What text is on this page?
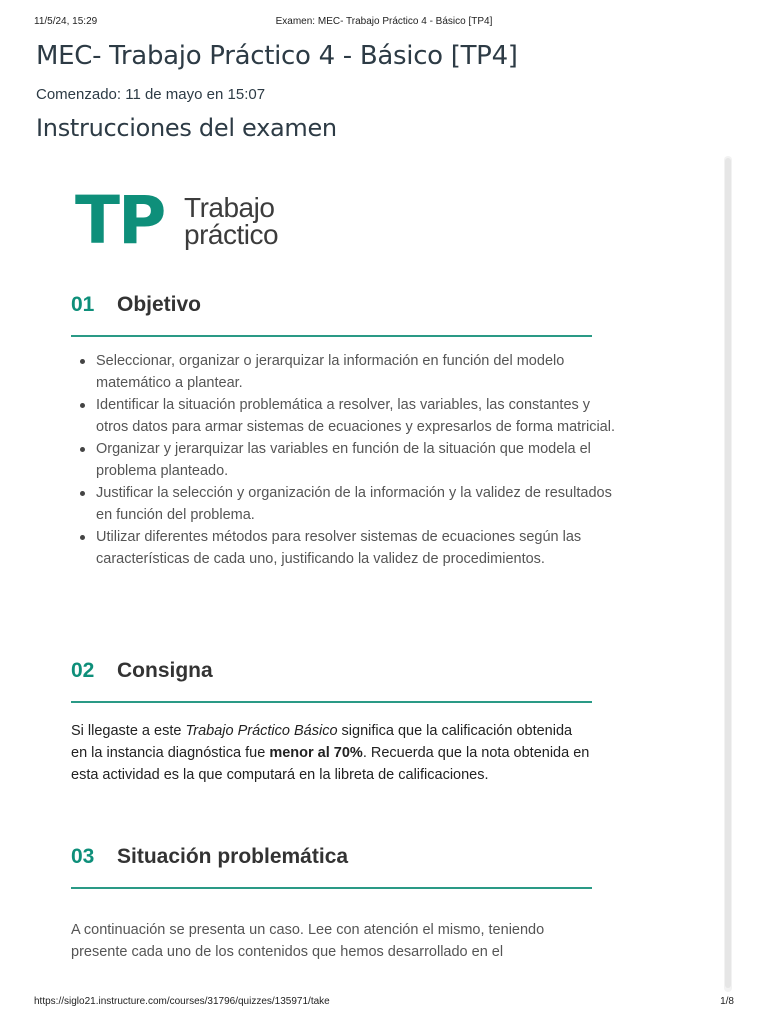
11/5/24, 15:29	Examen: MEC- Trabajo Práctico 4 - Básico [TP4]
MEC- Trabajo Práctico 4 - Básico [TP4]
Comenzado: 11 de mayo en 15:07
Instrucciones del examen
TP Trabajo
práctico
01 Objetivo
Seleccionar, organizar o jerarquizar la información en función del modelo matemático a plantear.
Identificar la situación problemática a resolver, las variables, las constantes y otros datos para armar sistemas de ecuaciones y expresarlos de forma matricial.
Organizar y jerarquizar las variables en función de la situación que modela el problema planteado.
Justificar la selección y organización de la información y la validez de resultados en función del problema.
Utilizar diferentes métodos para resolver sistemas de ecuaciones según las características de cada uno, justificando la validez de procedimientos.
02 Consigna

Si llegaste a este Trabajo Práctico Básico significa que la calificación obtenida en la instancia diagnóstica fue menor al 70%. Recuerda que la nota obtenida en esta actividad es la que computará en la libreta de calificaciones.

03 Situación problemática

A continuación se presenta un caso. Lee con atención el mismo, teniendo presente cada uno de los contenidos que hemos desarrollado en el

https://siglo21.instructure.com/courses/31796/quizzes/135971/take	1/8
